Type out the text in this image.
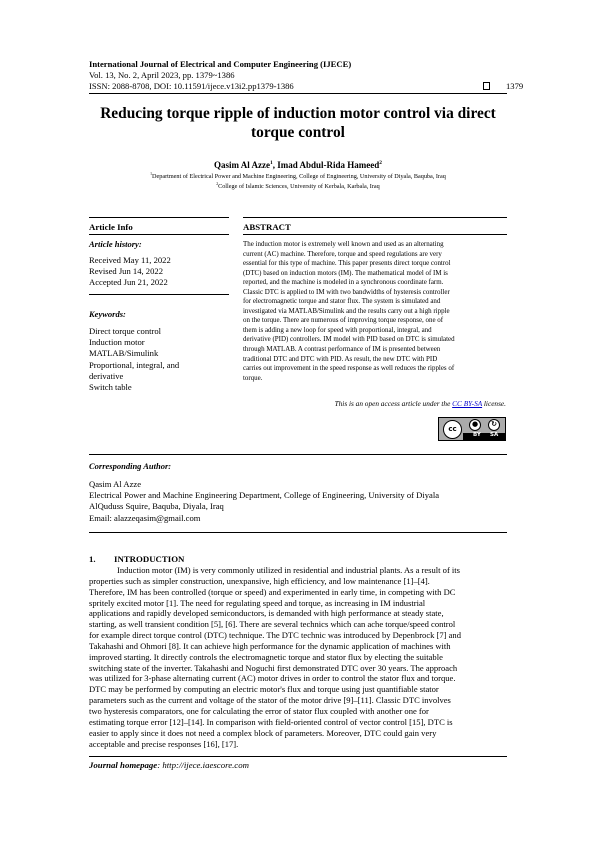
International Journal of Electrical and Computer Engineering (IJECE)
Vol. 13, No. 2, April 2023, pp. 1379~1386
ISSN: 2088-8708, DOI: 10.11591/ijece.v13i2.pp1379-1386	1379
Reducing torque ripple of induction motor control via direct
torque control
Qasim Al Azze$^1$, Imad Abdul-Rida Hameed$^2$
$^1$Department of Electrical Power and Machine Engineering, College of Engineering, University of Diyala, Baquba, Iraq
$^2$College of Islamic Sciences, University of Kerbala, Karbala, Iraq
Article Info	ABSTRACT
Article history:
Received May 11, 2022
Revised Jun 14, 2022
Accepted Jun 21, 2022
Keywords:
Direct torque control
Induction motor
MATLAB/Simulink
Proportional, integral, and
derivative
Switch table
The induction motor is extremely well known and used as an alternating
current (AC) machine. Therefore, torque and speed regulations are very
essential for this type of machine. This paper presents direct torque control
(DTC) based on induction motors (IM). The mathematical model of IM is
reported, and the machine is modeled in a synchronous coordinate farm.
Classic DTC is applied to IM with two bandwidths of hysteresis controller
for electromagnetic torque and stator flux. The system is simulated and
investigated via MATLAB/Simulink and the results carry out a high ripple
on the torque. There are numerous of improving torque response, one of
them is adding a new loop for speed with proportional, integral, and
derivative (PID) controllers. IM model with PID based on DTC is simulated
through MATLAB. A contrast performance of IM is presented between
traditional DTC and DTC with PID. As result, the new DTC with PID
carries out improvement in the speed response as well reduces the ripples of
torque.
This is an open access article under the CC BY-SA license.
cc
●	↻
BY SA
Corresponding Author:
Qasim Al Azze
Electrical Power and Machine Engineering Department, College of Engineering, University of Diyala
AlQuduss Squire, Baquba, Diyala, Iraq
Email: alazzeqasim@gmail.com
1. INTRODUCTION
Induction motor (IM) is very commonly utilized in residential and industrial plants. As a result of its
properties such as simpler construction, unexpansive, high efficiency, and low maintenance [1]–[4].
Therefore, IM has been controlled (torque or speed) and experimented in early time, in competing with DC
spritely excited motor [1]. The need for regulating speed and torque, as increasing in IM industrial
applications and rapidly developed semiconductors, is demanded with high performance at steady state,
starting, as well transient condition [5], [6]. There are several technics which can ache torque/speed control
for example direct torque control (DTC) technique. The DTC technic was introduced by Depenbrock [7] and
Takahashi and Ohmori [8]. It can achieve high performance for the dynamic application of machines with
improved starting. It directly controls the electromagnetic torque and stator flux by electing the suitable
switching state of the inverter. Takahashi and Noguchi first demonstrated DTC over 30 years. The approach
was utilized for 3-phase alternating current (AC) motor drives in order to control the stator flux and torque.
DTC may be performed by computing an electric motor's flux and torque using just quantifiable stator
parameters such as the current and voltage of the stator of the motor drive [9]–[11]. Classic DTC involves
two hysteresis comparators, one for calculating the error of stator flux coupled with another one for
estimating torque error [12]–[14]. In comparison with field-oriented control of vector control [15], DTC is
easier to apply since it does not need a complex block of parameters. Moreover, DTC could gain very
acceptable and precise responses [16], [17].
Journal homepage: http://ijece.iaescore.com
